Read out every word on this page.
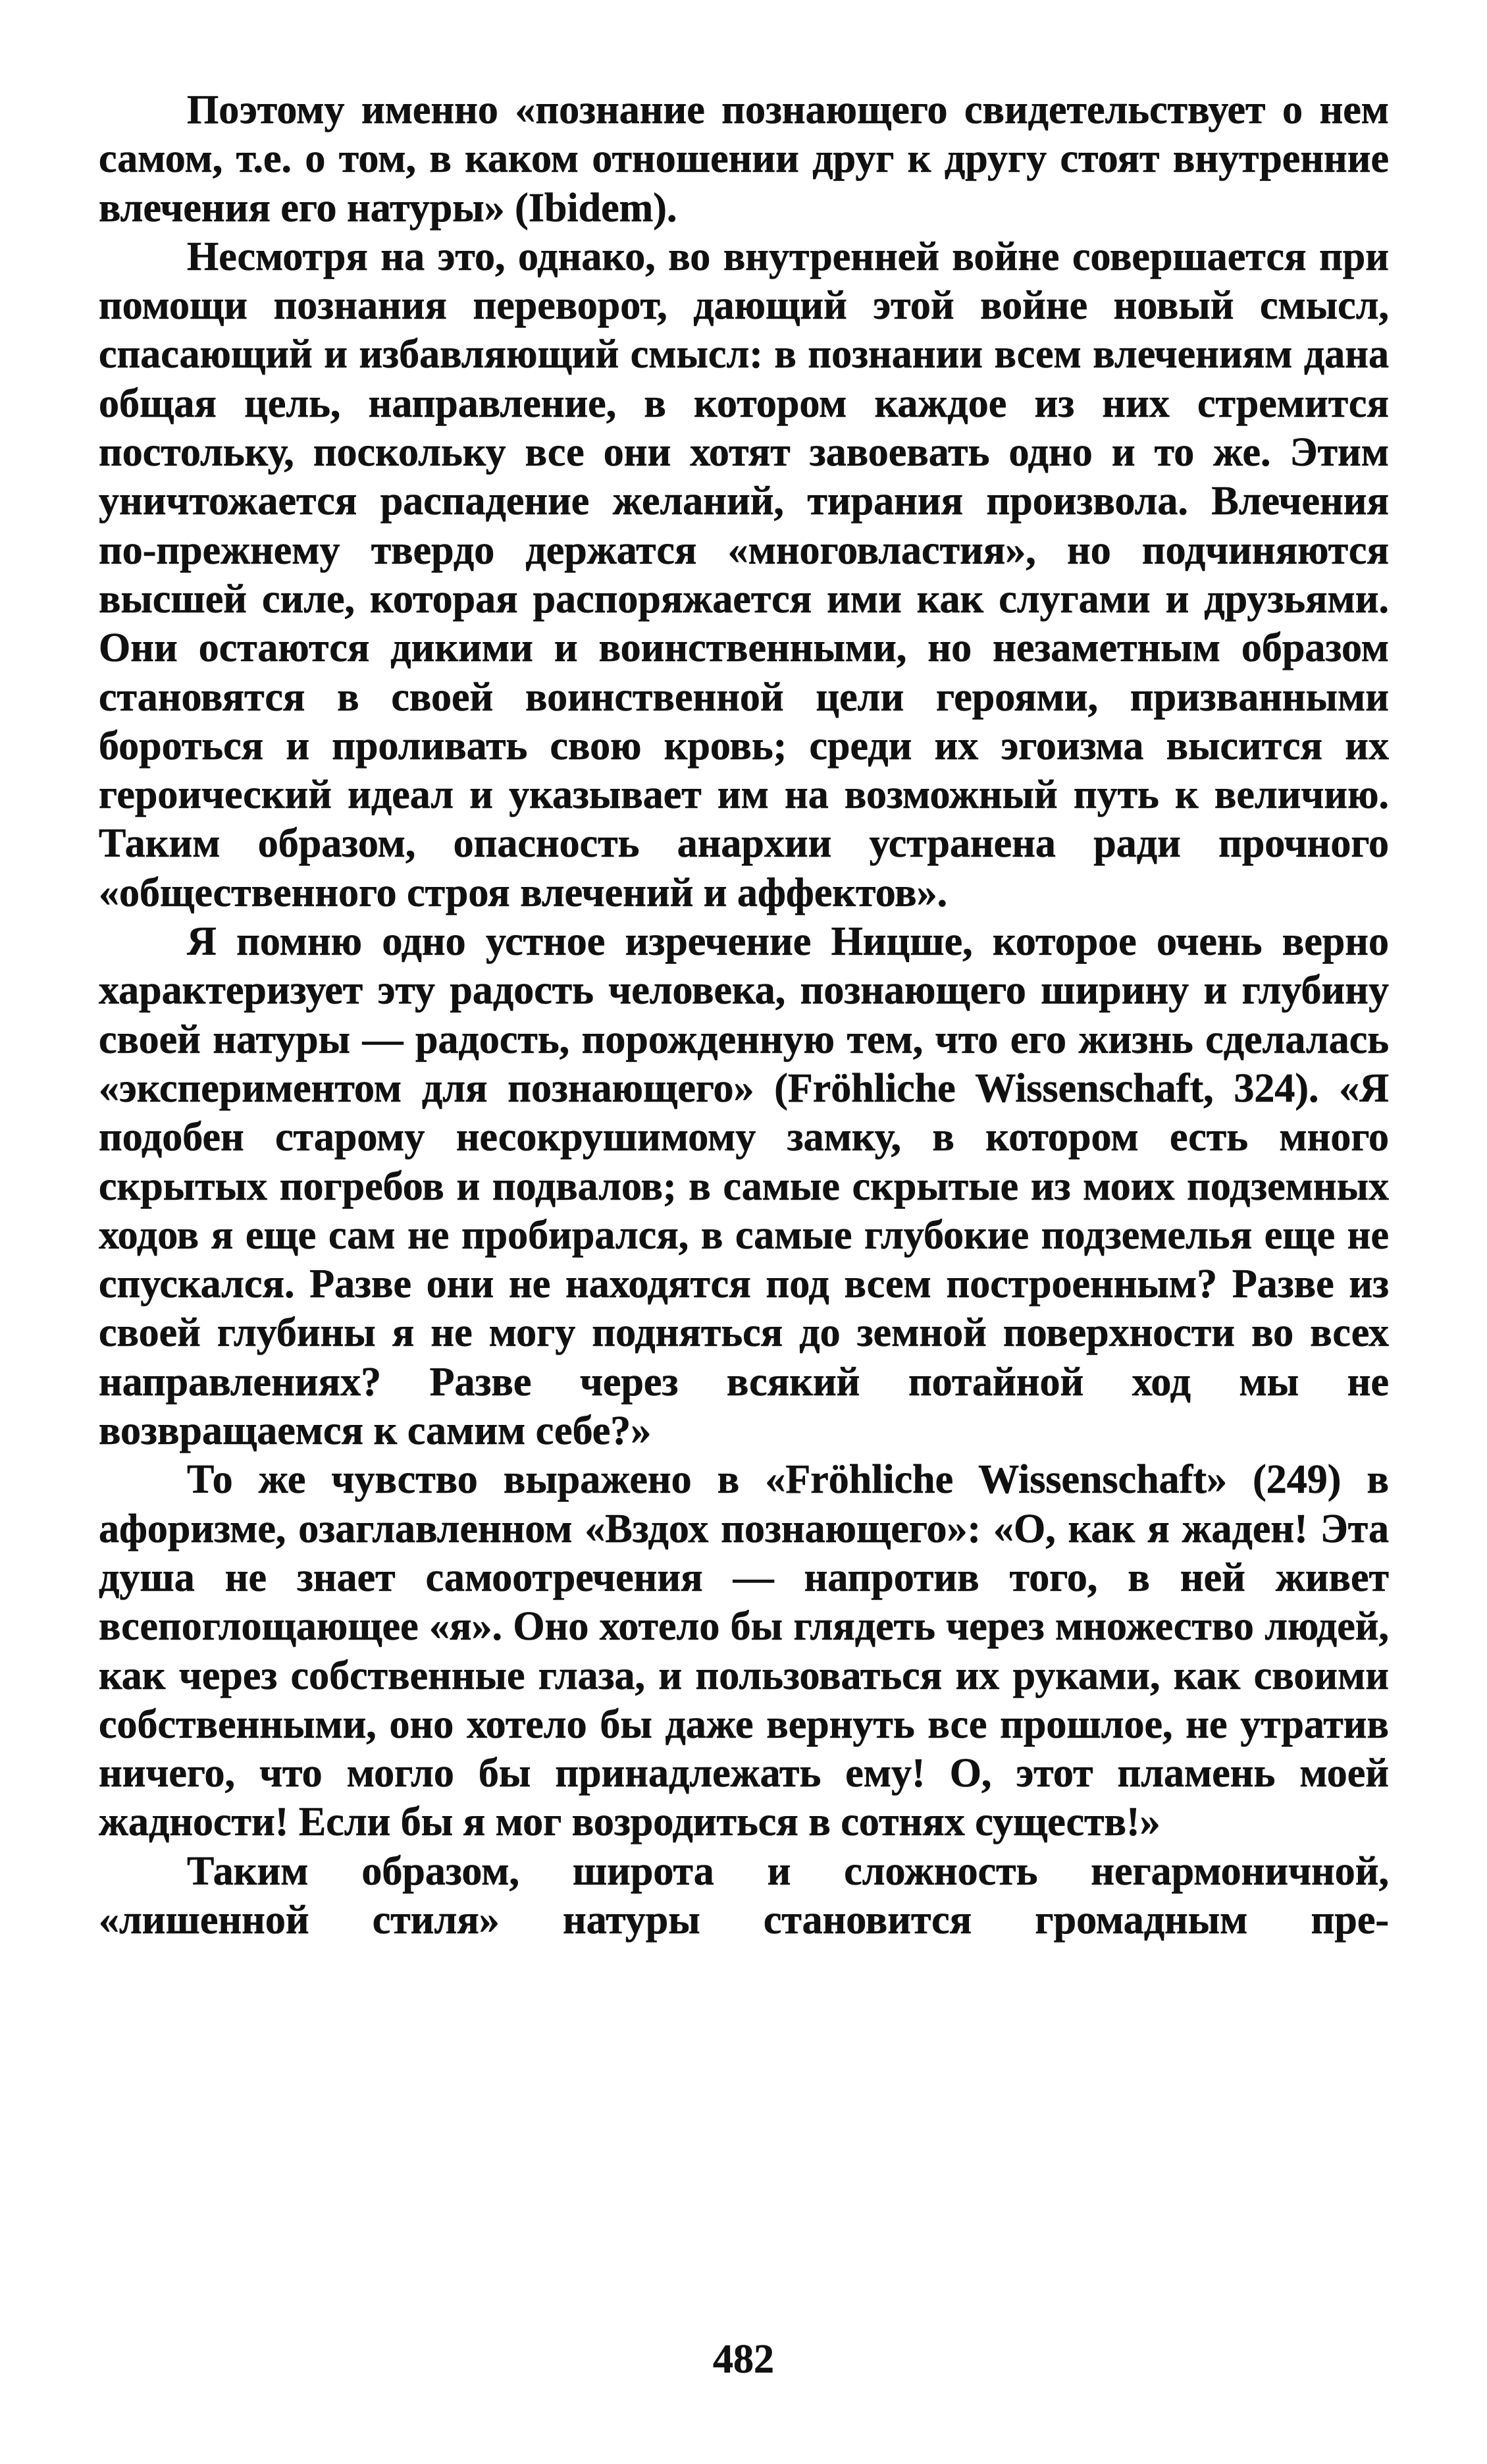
Поэтому именно «познание познающего свидетельствует о нем самом, т.е. о том, в каком отношении друг к другу стоят внутренние влечения его натуры» (Ibidem).

Несмотря на это, однако, во внутренней войне совершается при помощи познания переворот, дающий этой войне новый смысл, спасающий и избавляющий смысл: в познании всем влечениям дана общая цель, направление, в котором каждое из них стремится постольку, поскольку все они хотят завоевать одно и то же. Этим уничтожается распадение желаний, тирания произвола. Влечения по-прежнему твердо держатся «многовластия», но подчиняются высшей силе, которая распоряжается ими как слугами и друзьями. Они остаются дикими и воинственными, но незаметным образом становятся в своей воинственной цели героями, призванными бороться и проливать свою кровь; среди их эгоизма высится их героический идеал и указывает им на возможный путь к величию. Таким образом, опасность анархии устранена ради прочного «общественного строя влечений и аффектов».

Я помню одно устное изречение Ницше, которое очень верно характеризует эту радость человека, познающего ширину и глубину своей натуры — радость, порожденную тем, что его жизнь сделалась «экспериментом для познающего» (Fröhliche Wissenschaft, 324). «Я подобен старому несокрушимому замку, в котором есть много скрытых погребов и подвалов; в самые скрытые из моих подземных ходов я еще сам не пробирался, в самые глубокие подземелья еще не спускался. Разве они не находятся под всем построенным? Разве из своей глубины я не могу подняться до земной поверхности во всех направлениях? Разве через всякий потайной ход мы не возвращаемся к самим себе?»

То же чувство выражено в «Fröhliche Wissenschaft» (249) в афоризме, озаглавленном «Вздох познающего»: «О, как я жаден! Эта душа не знает самоотречения — напротив того, в ней живет всепоглощающее «я». Оно хотело бы глядеть через множество людей, как через собственные глаза, и пользоваться их руками, как своими собственными, оно хотело бы даже вернуть все прошлое, не утратив ничего, что могло бы принадлежать ему! О, этот пламень моей жадности! Если бы я мог возродиться в сотнях существ!»

Таким образом, широта и сложность негармоничной, «лишенной стиля» натуры становится громадным пре-

482
